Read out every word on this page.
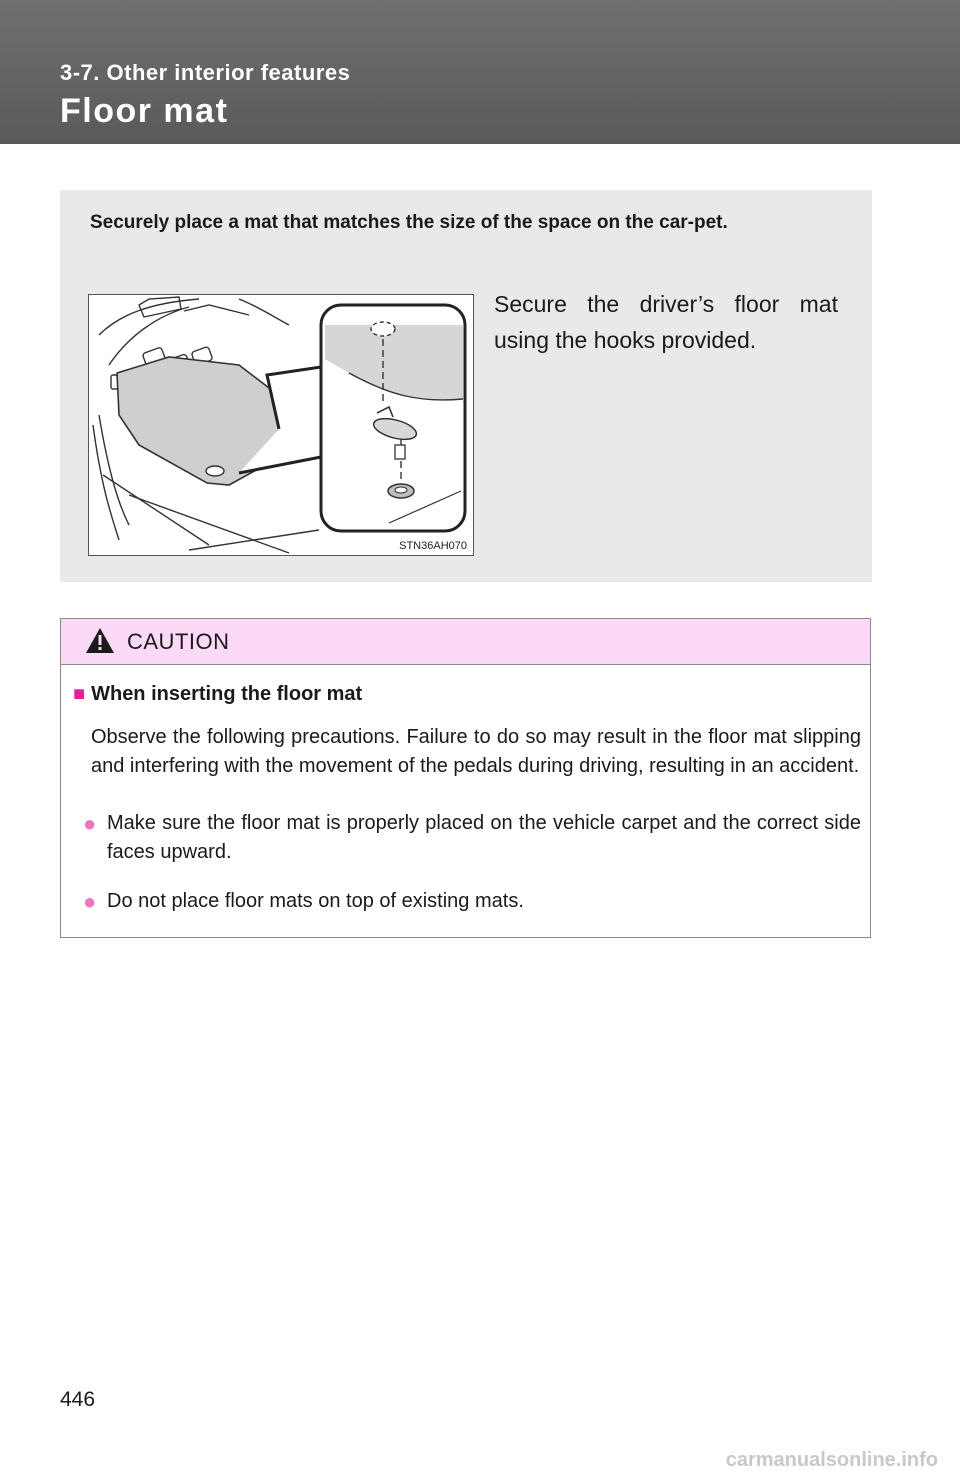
3-7. Other interior features
Floor mat
Securely place a mat that matches the size of the space on the car-pet.
STN36AH070
Secure the driver’s floor mat using the hooks provided.
CAUTION
■ When inserting the floor mat
Observe the following precautions. Failure to do so may result in the floor mat slipping and interfering with the movement of the pedals during driving, resulting in an accident.
● Make sure the floor mat is properly placed on the vehicle carpet and the correct side faces upward.
● Do not place floor mats on top of existing mats.
446
carmanualsonline.info
